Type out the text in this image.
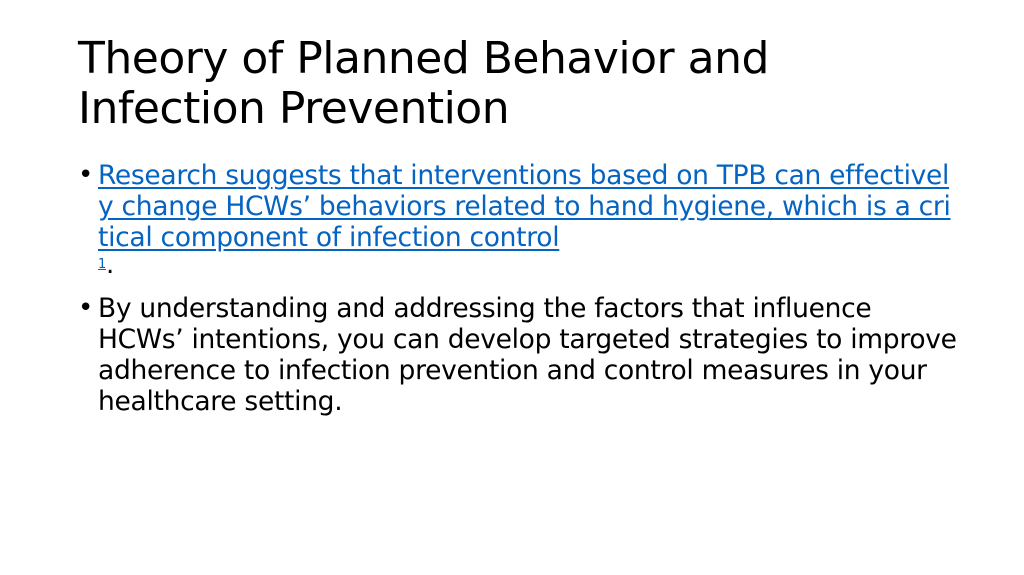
Theory of Planned Behavior and Infection Prevention
• Research suggests that interventions based on TPB can effectively change HCWs’ behaviors related to hand hygiene, which is a critical component of infection control
$^1$.
• By understanding and addressing the factors that influence HCWs’ intentions, you can develop targeted strategies to improve adherence to infection prevention and control measures in your healthcare setting.
